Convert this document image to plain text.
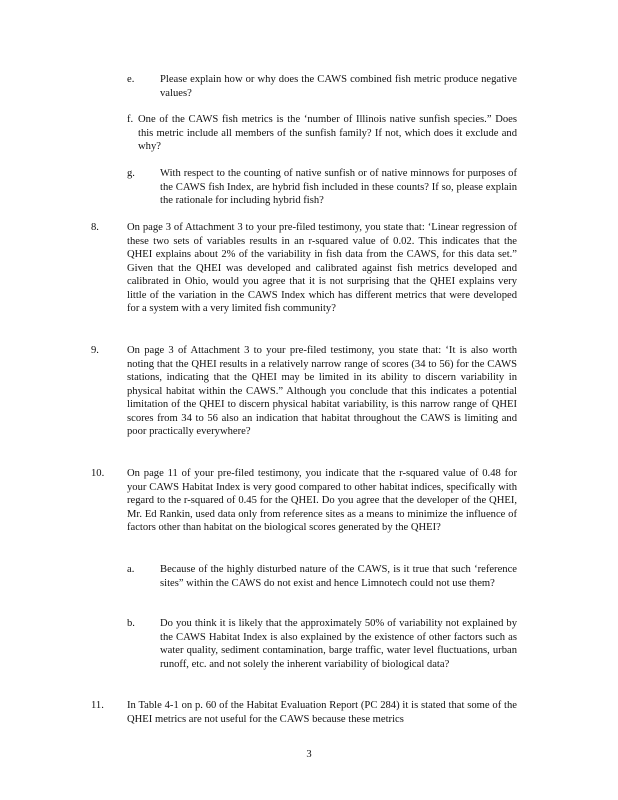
e. Please explain how or why does the CAWS combined fish metric produce negative values?
f. One of the CAWS fish metrics is the ‘number of Illinois native sunfish species.” Does this metric include all members of the sunfish family? If not, which does it exclude and why?
g. With respect to the counting of native sunfish or of native minnows for purposes of the CAWS fish Index, are hybrid fish included in these counts? If so, please explain the rationale for including hybrid fish?
8.	On page 3 of Attachment 3 to your pre-filed testimony, you state that: ‘Linear regression of these two sets of variables results in an r-squared value of 0.02. This indicates that the QHEI explains about 2% of the variability in fish data from the CAWS, for this data set.” Given that the QHEI was developed and calibrated against fish metrics developed and calibrated in Ohio, would you agree that it is not surprising that the QHEI explains very little of the variation in the CAWS Index which has different metrics that were developed for a system with a very limited fish community?
9.	On page 3 of Attachment 3 to your pre-filed testimony, you state that: ‘It is also worth noting that the QHEI results in a relatively narrow range of scores (34 to 56) for the CAWS stations, indicating that the QHEI may be limited in its ability to discern variability in physical habitat within the CAWS.” Although you conclude that this indicates a potential limitation of the QHEI to discern physical habitat variability, is this narrow range of QHEI scores from 34 to 56 also an indication that habitat throughout the CAWS is limiting and poor practically everywhere?
10. On page 11 of your pre-filed testimony, you indicate that the r-squared value of 0.48 for your CAWS Habitat Index is very good compared to other habitat indices, specifically with regard to the r-squared of 0.45 for the QHEI. Do you agree that the developer of the QHEI, Mr. Ed Rankin, used data only from reference sites as a means to minimize the influence of factors other than habitat on the biological scores generated by the QHEI?
a. Because of the highly disturbed nature of the CAWS, is it true that such ‘reference sites” within the CAWS do not exist and hence Limnotech could not use them?
b. Do you think it is likely that the approximately 50% of variability not explained by the CAWS Habitat Index is also explained by the existence of other factors such as water quality, sediment contamination, barge traffic, water level fluctuations, urban runoff, etc. and not solely the inherent variability of biological data?
11. In Table 4-1 on p. 60 of the Habitat Evaluation Report (PC 284) it is stated that some of the QHEI metrics are not useful for the CAWS because these metrics
3
